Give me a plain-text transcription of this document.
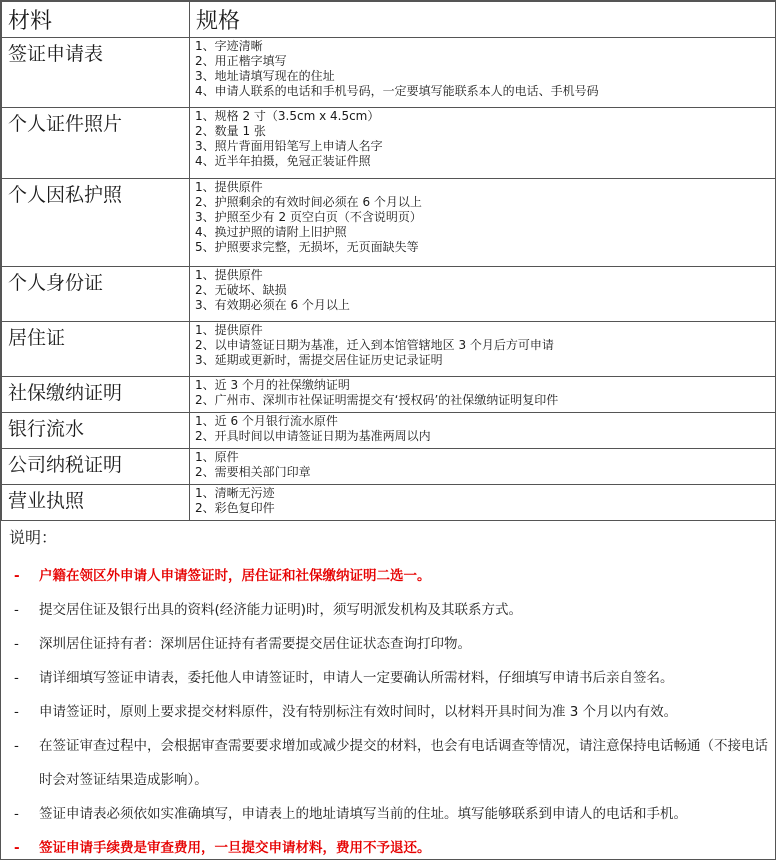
材料	规格
签证申请表	1、字迹清晰
2、用正楷字填写
3、地址请填写现在的住址
4、申请人联系的电话和手机号码，一定要填写能联系本人的电话、手机号码

个人证件照片	1、规格 2 寸（3.5cm x 4.5cm）
2、数量 1 张
3、照片背面用铅笔写上申请人名字
4、近半年拍摄，免冠正装证件照

个人因私护照	1、提供原件
2、护照剩余的有效时间必须在 6 个月以上
3、护照至少有 2 页空白页（不含说明页）
4、换过护照的请附上旧护照
5、护照要求完整，无损坏，无页面缺失等

个人身份证	1、提供原件
2、无破坏、缺损
3、有效期必须在 6 个月以上

居住证	1、提供原件
2、以申请签证日期为基准，迁入到本馆管辖地区 3 个月后方可申请
3、延期或更新时，需提交居住证历史记录证明

社保缴纳证明	1、近 3 个月的社保缴纳证明
2、广州市、深圳市社保证明需提交有‘授权码’的社保缴纳证明复印件

银行流水	1、近 6 个月银行流水原件
2、开具时间以申请签证日期为基准两周以内

公司纳税证明	1、原件
2、需要相关部门印章

营业执照	1、清晰无污迹
2、彩色复印件
说明：
- 户籍在领区外申请人申请签证时，居住证和社保缴纳证明二选一。
- 提交居住证及银行出具的资料(经济能力证明)时，须写明派发机构及其联系方式。
- 深圳居住证持有者：深圳居住证持有者需要提交居住证状态查询打印物。
- 请详细填写签证申请表，委托他人申请签证时，申请人一定要确认所需材料，仔细填写申请书后亲自签名。
- 申请签证时，原则上要求提交材料原件，没有特别标注有效时间时，以材料开具时间为准 3 个月以内有效。
- 在签证审查过程中，会根据审查需要要求增加或减少提交的材料，也会有电话调查等情况，请注意保持电话畅通（不接电话时会对签证结果造成影响）。
- 签证申请表必须依如实准确填写，申请表上的地址请填写当前的住址。填写能够联系到申请人的电话和手机。
- 签证申请手续费是审查费用，一旦提交申请材料，费用不予退还。
